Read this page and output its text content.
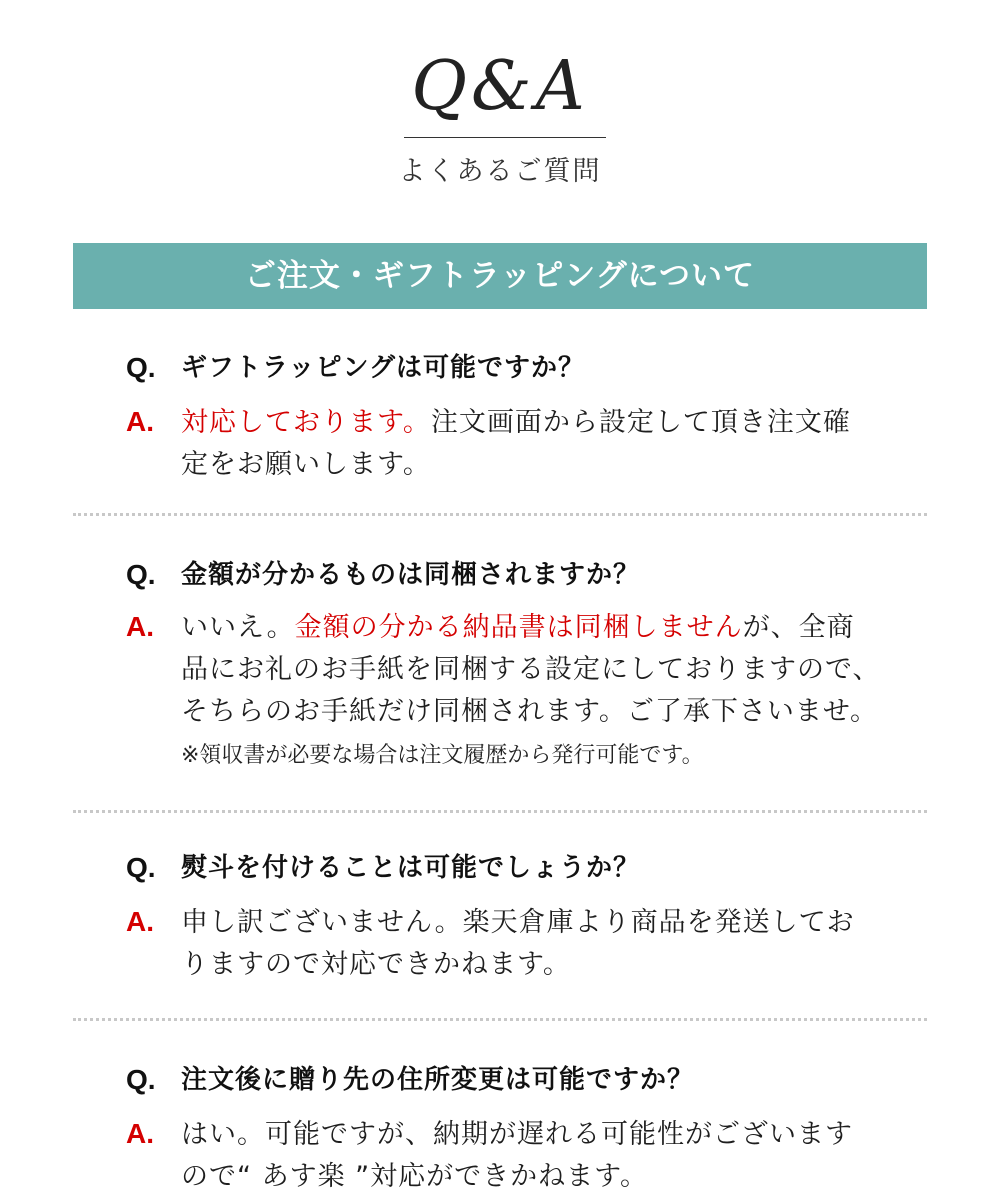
Q&A
よくあるご質問
ご注文・ギフトラッピングについて
Q. ギフトラッピングは可能ですか？
A. 対応しております。注文画面から設定して頂き注文確
定をお願いします。
Q. 金額が分かるものは同梱されますか？
A. いいえ。金額の分かる納品書は同梱しませんが、全商
品にお礼のお手紙を同梱する設定にしておりますので、
そちらのお手紙だけ同梱されます。ご了承下さいませ。
※領収書が必要な場合は注文履歴から発行可能です。
Q. 熨斗を付けることは可能でしょうか？
A. 申し訳ございません。楽天倉庫より商品を発送してお
りますので対応できかねます。
Q. 注文後に贈り先の住所変更は可能ですか？
A. はい。可能ですが、納期が遅れる可能性がございます
ので“ あす楽 ”対応ができかねます。
